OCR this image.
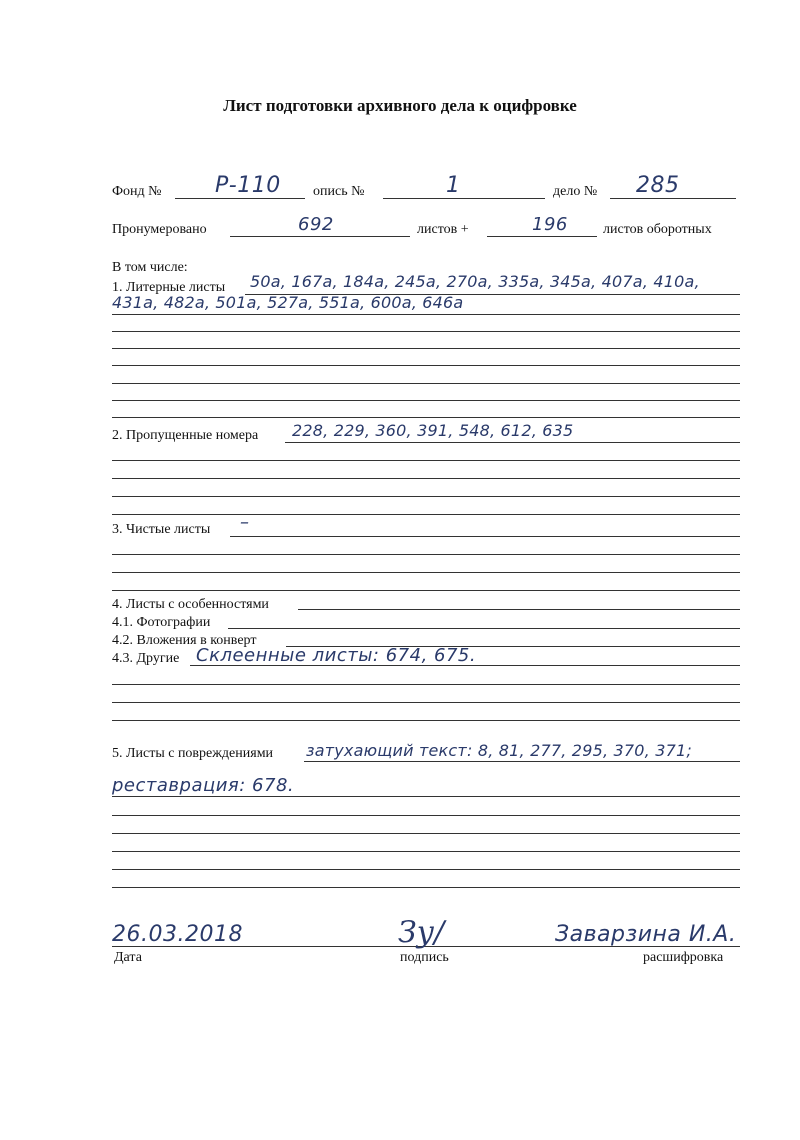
Лист подготовки архивного дела к оцифровке
Фонд № Р-110 опись №	1	дело № 285
Пронумеровано	692	листов +	196	листов оборотных
В том числе:
1. Литерные листы 50а, 167а, 184а, 245а, 270а, 335а, 345а, 407а, 410а,
431а, 482а, 501а, 527а, 551а, 600а, 646а
2. Пропущенные номера 228, 229, 360, 391, 548, 612, 635
3. Чистые листы –
4. Листы с особенностями
4.1. Фотографии
4.2. Вложения в конверт
4.3. Другие Склеенные листы: 674, 675.
5. Листы с повреждениями затухающий текст: 8, 81, 277, 295, 370, 371;
реставрация: 678.
26.03.2018
Дата
Зу/
подпись
Заварзина И.А.
расшифровка
